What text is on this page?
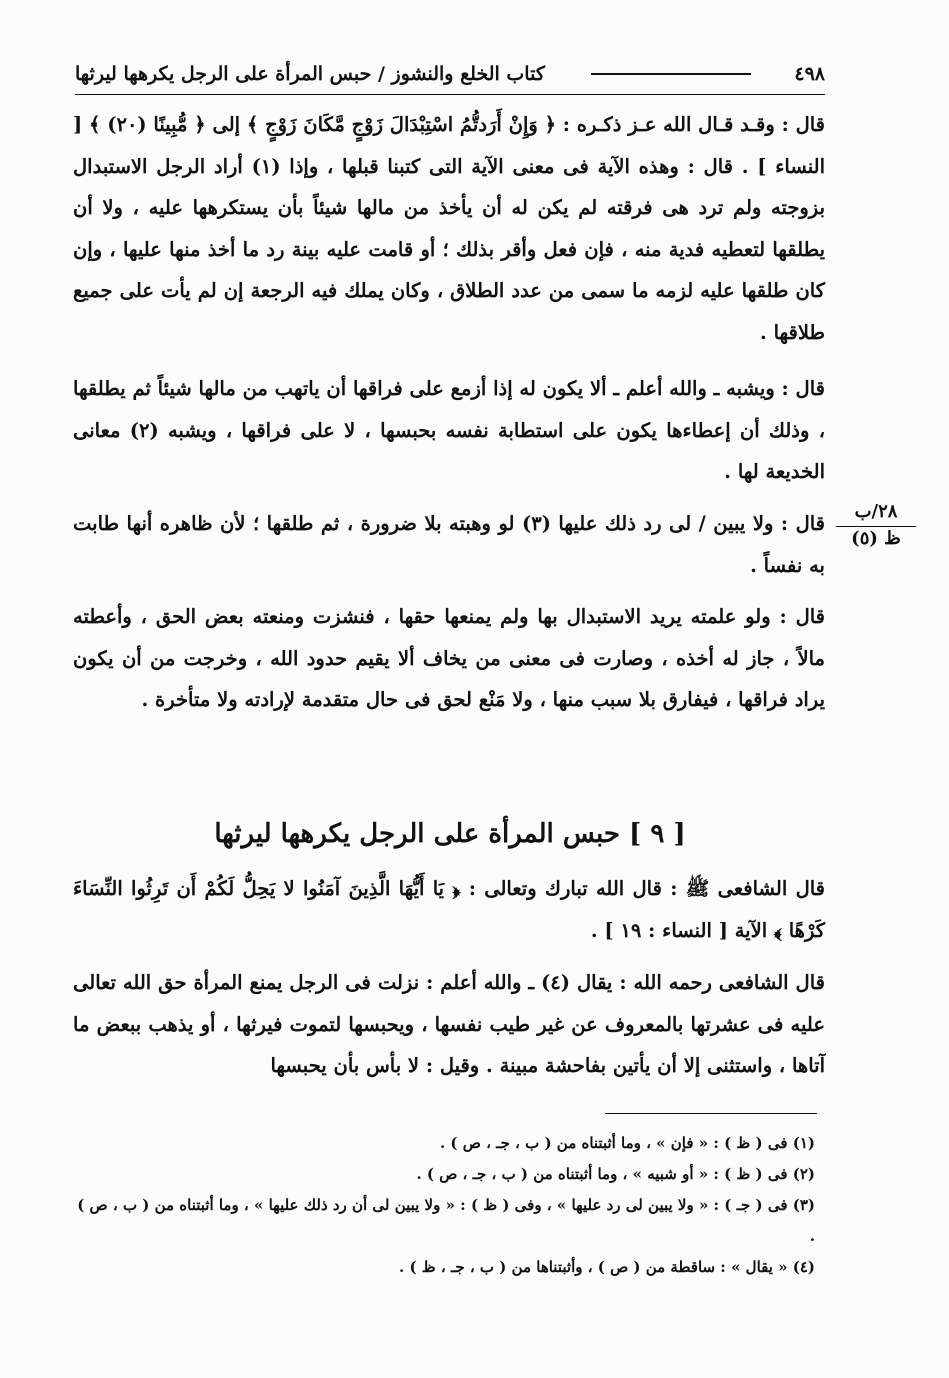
٤٩٨
كتاب الخلع والنشوز / حبس المرأة على الرجل يكرهها ليرثها

قال : وقـد قـال الله عـز ذكـره : ﴿ وَإِنْ أَرَدتُّمُ اسْتِبْدَالَ زَوْجٍ مَّكَانَ زَوْجٍ ﴾ إلى ﴿ مُّبِينًا (٢٠) ﴾ [ النساء ] . قال : وهذه الآية فى معنى الآية التى كتبنا قبلها ، وإذا (١) أراد الرجل الاستبدال بزوجته ولم ترد هى فرقته لم يكن له أن يأخذ من مالها شيئاً بأن يستكرهها عليه ، ولا أن يطلقها لتعطيه فدية منه ، فإن فعل وأقر بذلك ؛ أو قامت عليه بينة رد ما أخذ منها عليها ، وإن كان طلقها عليه لزمه ما سمى من عدد الطلاق ، وكان يملك فيه الرجعة إن لم يأت على جميع طلاقها .

قال : ويشبه ـ والله أعلم ـ ألا يكون له إذا أزمع على فراقها أن ياتهب من مالها شيئاً ثم يطلقها ، وذلك أن إعطاءها يكون على استطابة نفسه بحبسها ، لا على فراقها ، ويشبه (٢) معانى الخديعة لها .

قال : ولا يبين / لى رد ذلك عليها (٣) لو وهبته بلا ضرورة ، ثم طلقها ؛ لأن ظاهره أنها طابت به نفساً .

قال : ولو علمته يريد الاستبدال بها ولم يمنعها حقها ، فنشزت ومنعته بعض الحق ، وأعطته مالاً ، جاز له أخذه ، وصارت فى معنى من يخاف ألا يقيم حدود الله ، وخرجت من أن يكون يراد فراقها ، فيفارق بلا سبب منها ، ولا مَنْع لحق فى حال متقدمة لإرادته ولا متأخرة .

٢٨/ب
ظ (٥)
[ ٩ ] حبس المرأة على الرجل يكرهها ليرثها

قال الشافعى ﷺ : قال الله تبارك وتعالى : ﴿ يَا أَيُّهَا الَّذِينَ آمَنُوا لا يَحِلُّ لَكُمْ أَن تَرِثُوا النِّسَاءَ كَرْهًا ﴾ الآية [ النساء : ١٩ ] .

قال الشافعى رحمه الله : يقال (٤) ـ والله أعلم : نزلت فى الرجل يمنع المرأة حق الله تعالى عليه فى عشرتها بالمعروف عن غير طيب نفسها ، ويحبسها لتموت فيرثها ، أو يذهب ببعض ما آتاها ، واستثنى إلا أن يأتين بفاحشة مبينة . وقيل : لا بأس بأن يحبسها

(١) فى ( ظ ) : « فإن » ، وما أثبتناه من ( ب ، جـ ، ص ) .
(٢) فى ( ظ ) : « أو شبيه » ، وما أثبتناه من ( ب ، جـ ، ص ) .
(٣) فى ( جـ ) : « ولا يبين لى رد عليها » ، وفى ( ظ ) : « ولا يبين لى أن رد ذلك عليها » ، وما أثبتناه من ( ب ، ص ) .
(٤) « يقال » : ساقطة من ( ص ) ، وأثبتناها من ( ب ، جـ ، ظ ) .
